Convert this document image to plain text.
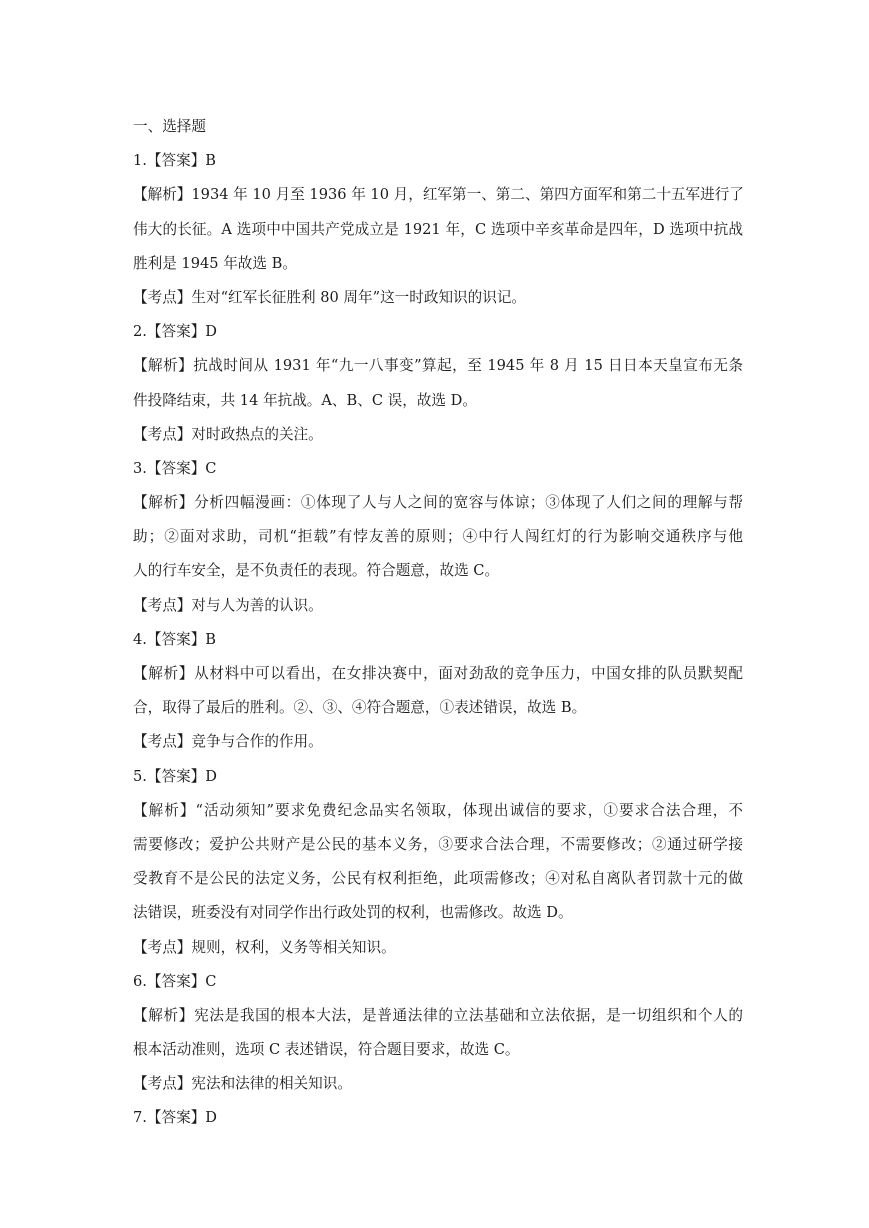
一、选择题
1.【答案】B
【解析】1934 年 10 月至 1936 年 10 月，红军第一、第二、第四方面军和第二十五军进行了
伟大的长征。A 选项中中国共产党成立是 1921 年，C 选项中辛亥革命是四年，D 选项中抗战
胜利是 1945 年故选 B。
【考点】生对“红军长征胜利 80 周年”这一时政知识的识记。
2.【答案】D
【解析】抗战时间从 1931 年“九一八事变”算起，至 1945 年 8 月 15 日日本天皇宣布无条
件投降结束，共 14 年抗战。A、B、C 误，故选 D。
【考点】对时政热点的关注。
3.【答案】C
【解析】分析四幅漫画：①体现了人与人之间的宽容与体谅；③体现了人们之间的理解与帮
助；②面对求助，司机“拒载”有悖友善的原则；④中行人闯红灯的行为影响交通秩序与他
人的行车安全，是不负责任的表现。符合题意，故选 C。
【考点】对与人为善的认识。
4.【答案】B
【解析】从材料中可以看出，在女排决赛中，面对劲敌的竞争压力，中国女排的队员默契配
合，取得了最后的胜利。②、③、④符合题意，①表述错误，故选 B。
【考点】竞争与合作的作用。
5.【答案】D
【解析】“活动须知”要求免费纪念品实名领取，体现出诚信的要求，①要求合法合理，不
需要修改；爱护公共财产是公民的基本义务，③要求合法合理，不需要修改；②通过研学接
受教育不是公民的法定义务，公民有权利拒绝，此项需修改；④对私自离队者罚款十元的做
法错误，班委没有对同学作出行政处罚的权利，也需修改。故选 D。
【考点】规则，权利，义务等相关知识。
6.【答案】C
【解析】宪法是我国的根本大法，是普通法律的立法基础和立法依据，是一切组织和个人的
根本活动准则，选项 C 表述错误，符合题目要求，故选 C。
【考点】宪法和法律的相关知识。
7.【答案】D
